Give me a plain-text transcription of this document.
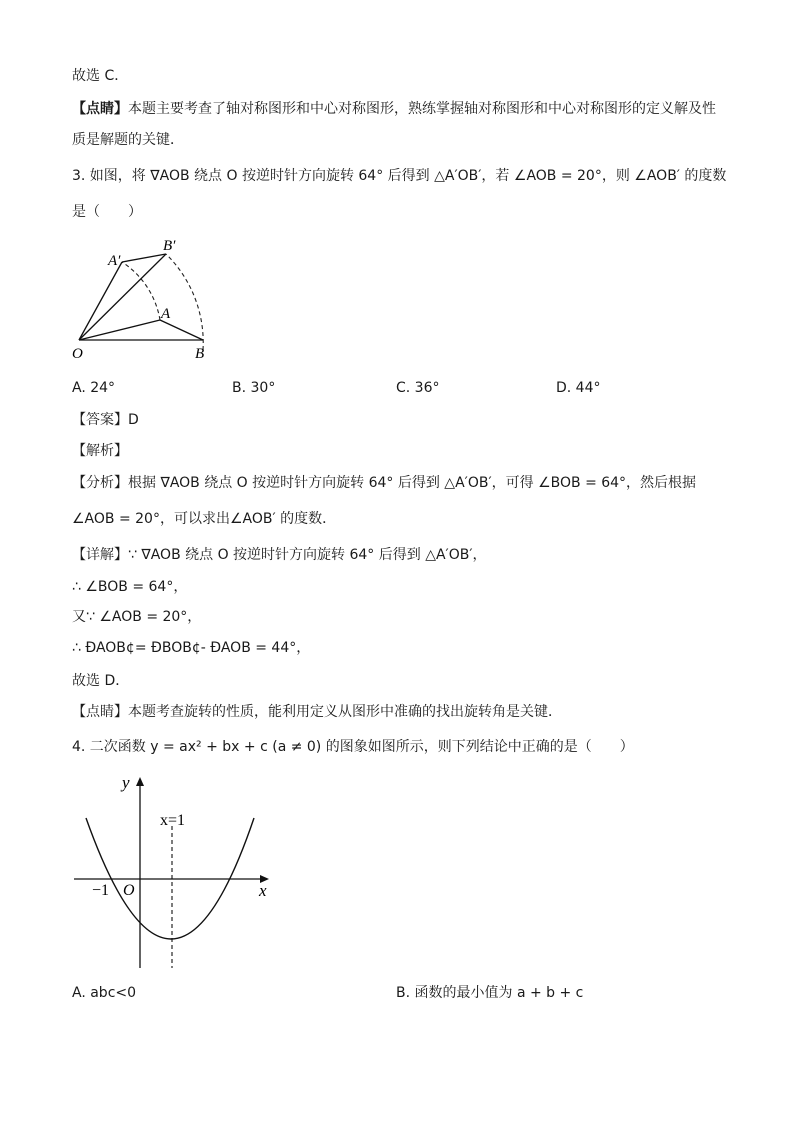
故选 C．
【点睛】本题主要考查了轴对称图形和中心对称图形，熟练掌握轴对称图形和中心对称图形的定义解及性
质是解题的关键．
3. 如图，将 ∇AOB 绕点 O 按逆时针方向旋转 64° 后得到 △A′OB′，若 ∠AOB = 20°，则 ∠AOB′ 的度数
是（　　）
A′
B′
A
O	B
A. 24°	B. 30°	C. 36°	D. 44°
【答案】D
【解析】
【分析】根据 ∇AOB 绕点 O 按逆时针方向旋转 64° 后得到 △A′OB′，可得 ∠BOB = 64°，然后根据
∠AOB = 20°，可以求出∠AOB′ 的度数．
【详解】∵ ∇AOB 绕点 O 按逆时针方向旋转 64° 后得到 △A′OB′，
∴ ∠BOB = 64°，
又∵ ∠AOB = 20°，
∴ ÐAOB¢= ÐBOB¢- ÐAOB = 44°，
故选 D．
【点睛】本题考查旋转的性质，能利用定义从图形中准确的找出旋转角是关键．
4. 二次函数 y = ax² + bx + c (a ≠ 0) 的图象如图所示，则下列结论中正确的是（　　）
y
x
x=1
−1 O
A. abc<0	B. 函数的最小值为 a + b + c
